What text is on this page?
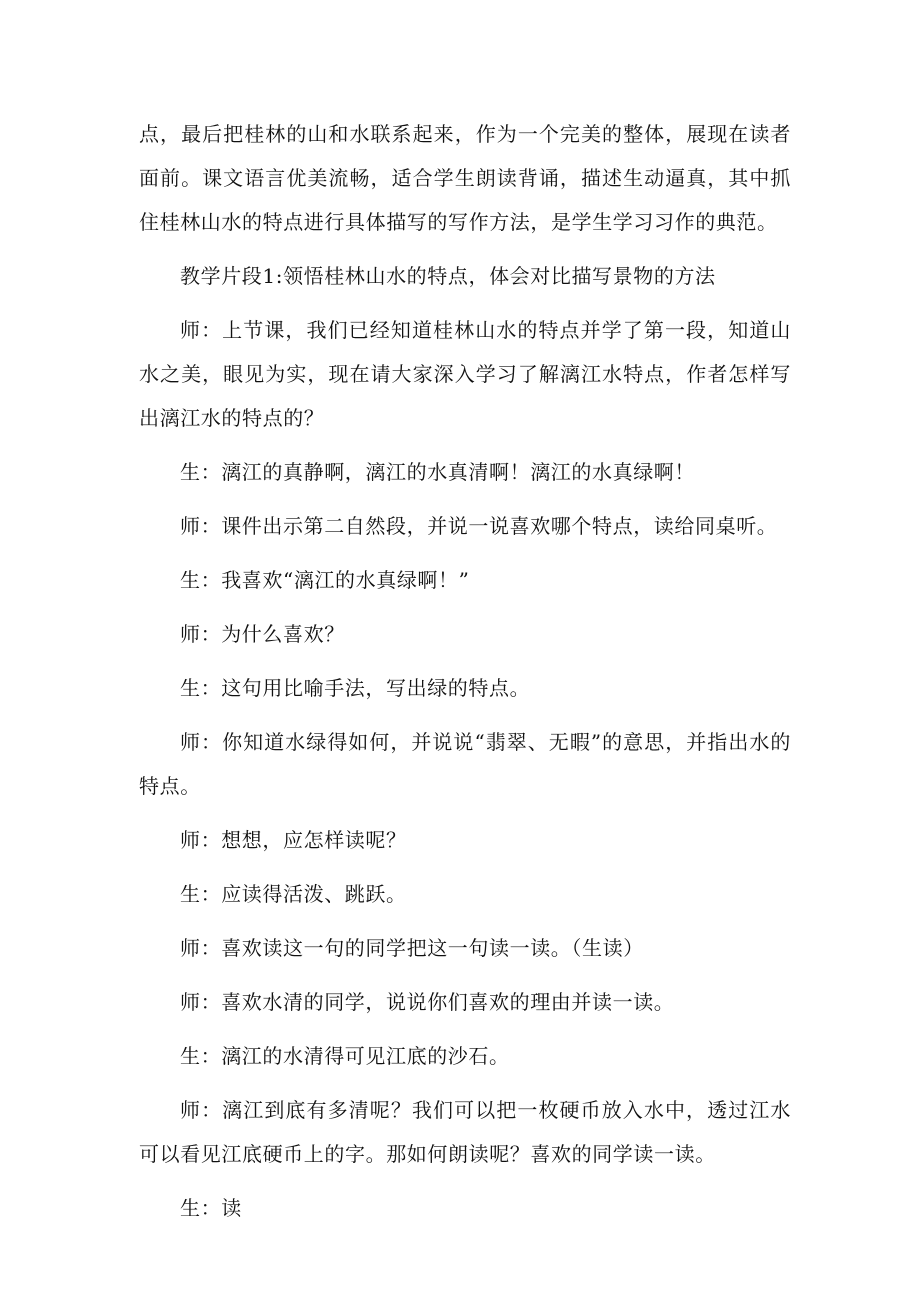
点，最后把桂林的山和水联系起来，作为一个完美的整体，展现在读者面前。课文语言优美流畅，适合学生朗读背诵，描述生动逼真，其中抓住桂林山水的特点进行具体描写的写作方法，是学生学习习作的典范。

教学片段1:领悟桂林山水的特点，体会对比描写景物的方法

师：上节课，我们已经知道桂林山水的特点并学了第一段，知道山水之美，眼见为实，现在请大家深入学习了解漓江水特点，作者怎样写出漓江水的特点的？

生：漓江的真静啊，漓江的水真清啊！漓江的水真绿啊！

师：课件出示第二自然段，并说一说喜欢哪个特点，读给同桌听。

生：我喜欢“漓江的水真绿啊！”

师：为什么喜欢？

生：这句用比喻手法，写出绿的特点。

师：你知道水绿得如何，并说说“翡翠、无暇”的意思，并指出水的特点。

师：想想，应怎样读呢？

生：应读得活泼、跳跃。

师：喜欢读这一句的同学把这一句读一读。（生读）

师：喜欢水清的同学，说说你们喜欢的理由并读一读。

生：漓江的水清得可见江底的沙石。

师：漓江到底有多清呢？我们可以把一枚硬币放入水中，透过江水可以看见江底硬币上的字。那如何朗读呢？喜欢的同学读一读。

生：读
